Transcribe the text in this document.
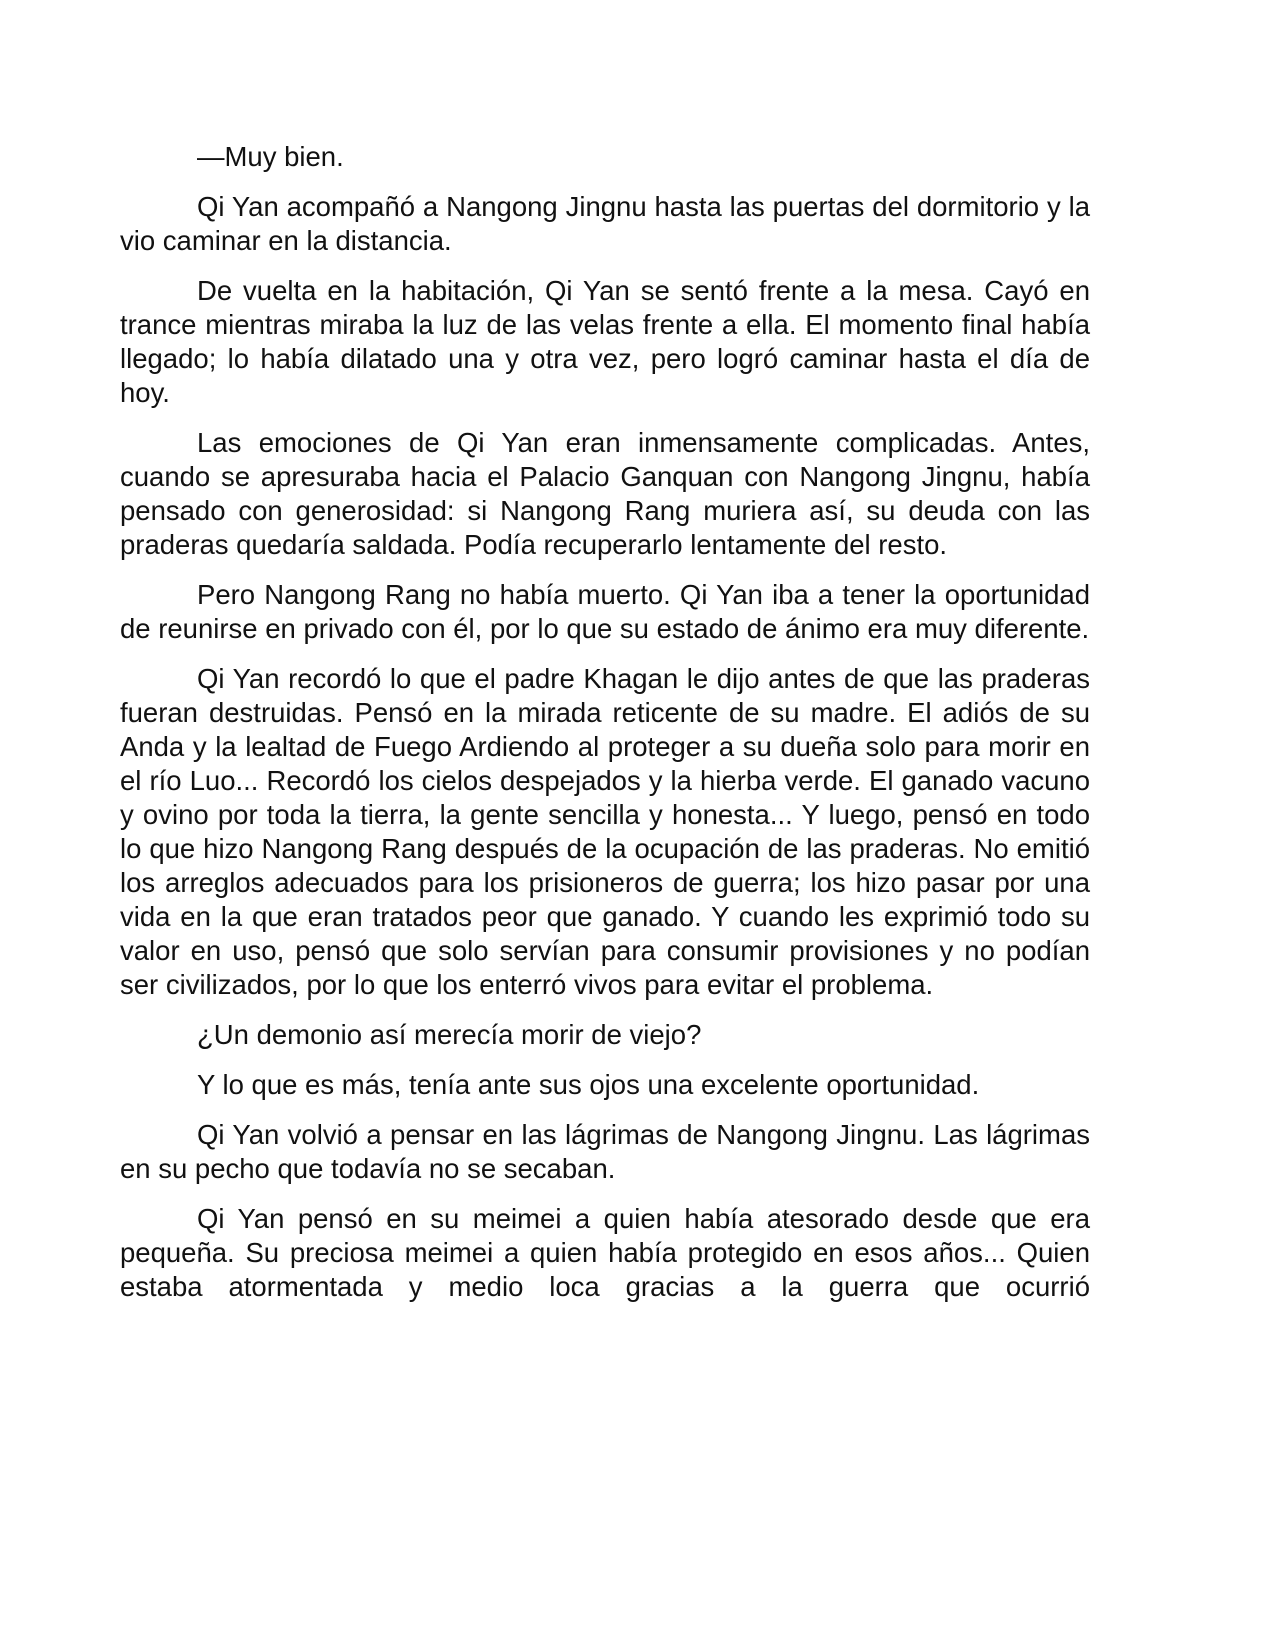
—Muy bien.

Qi Yan acompañó a Nangong Jingnu hasta las puertas del dormitorio y la vio caminar en la distancia.

De vuelta en la habitación, Qi Yan se sentó frente a la mesa. Cayó en trance mientras miraba la luz de las velas frente a ella. El momento final había llegado; lo había dilatado una y otra vez, pero logró caminar hasta el día de hoy.

Las emociones de Qi Yan eran inmensamente complicadas. Antes, cuando se apresuraba hacia el Palacio Ganquan con Nangong Jingnu, había pensado con generosidad: si Nangong Rang muriera así, su deuda con las praderas quedaría saldada. Podía recuperarlo lentamente del resto.

Pero Nangong Rang no había muerto. Qi Yan iba a tener la oportunidad de reunirse en privado con él, por lo que su estado de ánimo era muy diferente.

Qi Yan recordó lo que el padre Khagan le dijo antes de que las praderas fueran destruidas. Pensó en la mirada reticente de su madre. El adiós de su Anda y la lealtad de Fuego Ardiendo al proteger a su dueña solo para morir en el río Luo... Recordó los cielos despejados y la hierba verde. El ganado vacuno y ovino por toda la tierra, la gente sencilla y honesta... Y luego, pensó en todo lo que hizo Nangong Rang después de la ocupación de las praderas. No emitió los arreglos adecuados para los prisioneros de guerra; los hizo pasar por una vida en la que eran tratados peor que ganado. Y cuando les exprimió todo su valor en uso, pensó que solo servían para consumir provisiones y no podían ser civilizados, por lo que los enterró vivos para evitar el problema.

¿Un demonio así merecía morir de viejo?

Y lo que es más, tenía ante sus ojos una excelente oportunidad.

Qi Yan volvió a pensar en las lágrimas de Nangong Jingnu. Las lágrimas en su pecho que todavía no se secaban.

Qi Yan pensó en su meimei a quien había atesorado desde que era pequeña. Su preciosa meimei a quien había protegido en esos años... Quien estaba atormentada y medio loca gracias a la guerra que ocurrió
